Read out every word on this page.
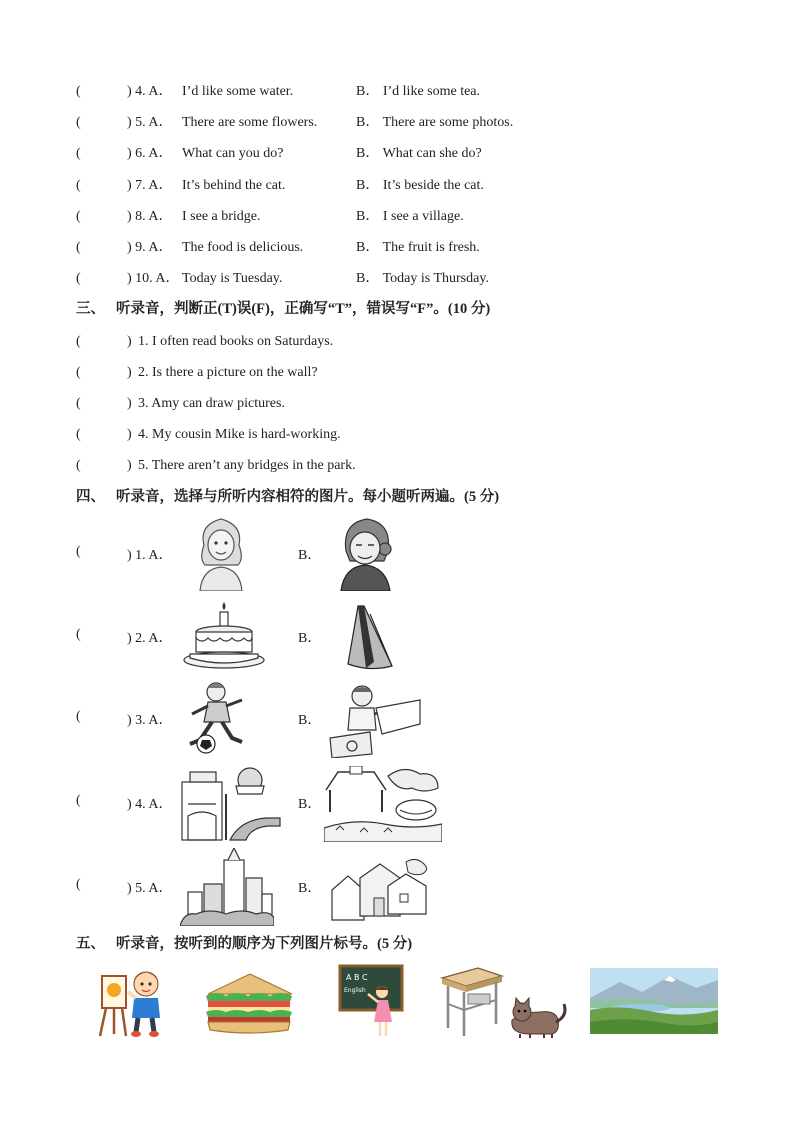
(	) 4. A． I’d like some water.	B． I’d like some tea.
(	) 5. A． There are some flowers.	B． There are some photos.
(	) 6. A． What can you do?	B． What can she do?
(	) 7. A． It’s behind the cat.	B． It’s beside the cat.
(	) 8. A． I see a bridge.	B． I see a village.
(	) 9. A． The food is delicious.	B． The fruit is fresh.
(	) 10. A． Today is Tuesday.	B． Today is Thursday.
三、 听录音，判断正(T)误(F)，正确写“T”，错误写“F”。(10 分)
(	) 1. I often read books on Saturdays.
(	) 2. Is there a picture on the wall?
(	) 3. Amy can draw pictures.
(	) 4. My cousin Mike is hard-working.
(	) 5. There aren’t any bridges in the park.
四、 听录音，选择与所听内容相符的图片。每小题听两遍。(5 分)
(	) 1. A．	B．
(	) 2. A．	B．
(	) 3. A．	B．
(	) 4. A．	B．
(	) 5. A．	B．
五、 听录音，按听到的顺序为下列图片标号。(5 分)
A B C
English
